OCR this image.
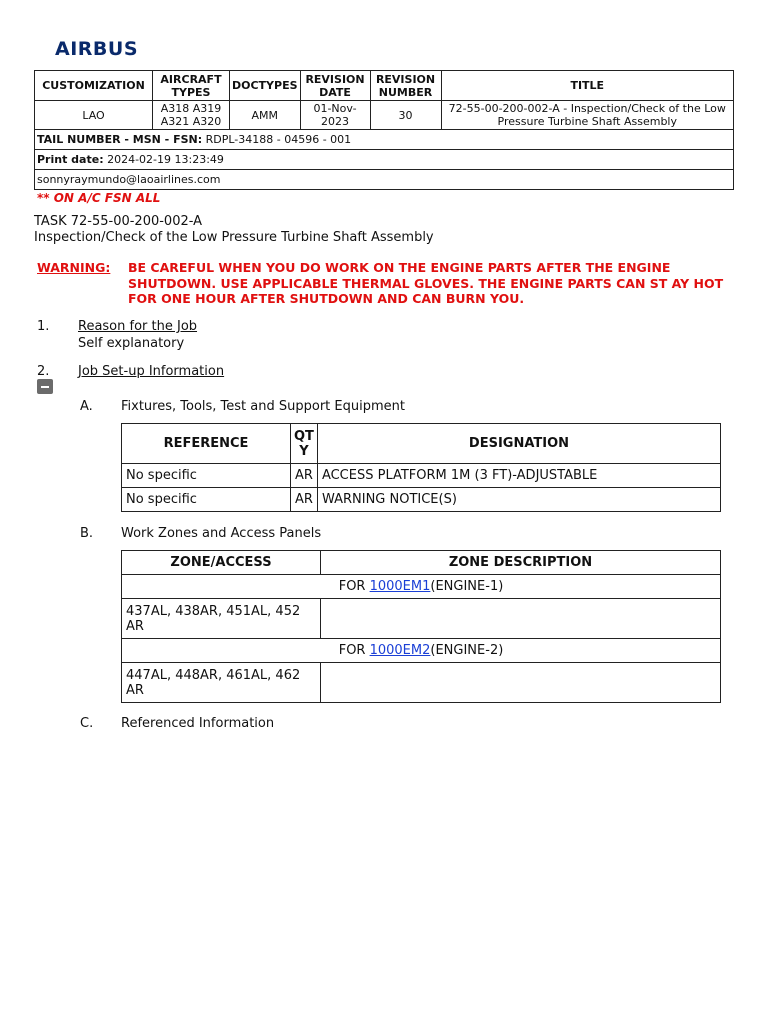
AIRBUS
CUSTOMIZATION	AIRCRAFT TYPES	DOCTYPES	REVISION DATE	REVISION NUMBER	TITLE
LAO	A318 A319 A321 A320	AMM	01-Nov-2023	30	72-55-00-200-002-A - Inspection/Check of the Low Pressure Turbine Shaft Assembly
TAIL NUMBER - MSN - FSN: RDPL-34188 - 04596 - 001					
Print date: 2024-02-19 13:23:49					
sonnyraymundo@laoairlines.com					
** ON A/C FSN ALL
TASK 72-55-00-200-002-A
Inspection/Check of the Low Pressure Turbine Shaft Assembly
WARNING: BE CAREFUL WHEN YOU DO WORK ON THE ENGINE PARTS AFTER THE ENGINE SHUTDOWN. USE APPLICABLE THERMAL GLOVES. THE ENGINE PARTS CAN ST AY HOT FOR ONE HOUR AFTER SHUTDOWN AND CAN BURN YOU.
1. Reason for the Job
Self explanatory
2. Job Set-up Information
A. Fixtures, Tools, Test and Support Equipment
REFERENCE	QTY	DESIGNATION
No specific	AR	ACCESS PLATFORM 1M (3 FT)-ADJUSTABLE
No specific	AR	WARNING NOTICE(S)
B. Work Zones and Access Panels
ZONE/ACCESS	ZONE DESCRIPTION
FOR 1000EM1(ENGINE-1)	
437AL, 438AR, 451AL, 452 AR	
FOR 1000EM2(ENGINE-2)	
447AL, 448AR, 461AL, 462 AR	
C. Referenced Information
